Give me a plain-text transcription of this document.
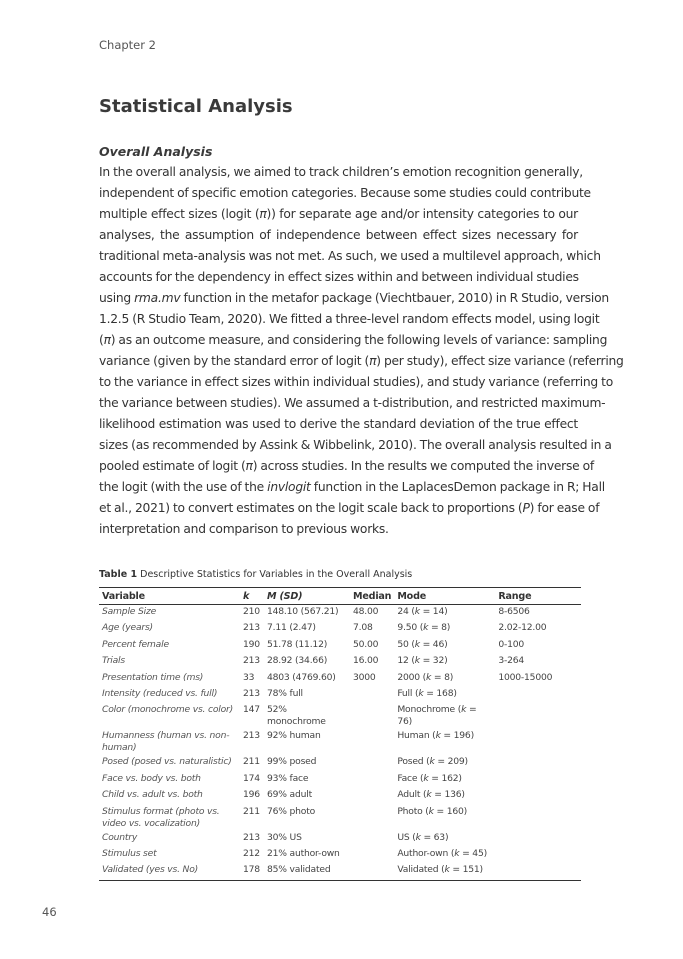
Chapter 2
Statistical Analysis
Overall Analysis
In the overall analysis, we aimed to track children’s emotion recognition generally,
independent of specific emotion categories. Because some studies could contribute
multiple effect sizes (logit (π)) for separate age and/or intensity categories to our
analyses, the assumption of independence between effect sizes necessary for
traditional meta-analysis was not met. As such, we used a multilevel approach, which
accounts for the dependency in effect sizes within and between individual studies
using rma.mv function in the metafor package (Viechtbauer, 2010) in R Studio, version
1.2.5 (R Studio Team, 2020). We fitted a three-level random effects model, using logit
(π) as an outcome measure, and considering the following levels of variance: sampling
variance (given by the standard error of logit (π) per study), effect size variance (referring
to the variance in effect sizes within individual studies), and study variance (referring to
the variance between studies). We assumed a t-distribution, and restricted maximum-
likelihood estimation was used to derive the standard deviation of the true effect
sizes (as recommended by Assink & Wibbelink, 2010). The overall analysis resulted in a
pooled estimate of logit (π) across studies. In the results we computed the inverse of
the logit (with the use of the invlogit function in the LaplacesDemon package in R; Hall
et al., 2021) to convert estimates on the logit scale back to proportions (P) for ease of
interpretation and comparison to previous works.
Table 1 Descriptive Statistics for Variables in the Overall Analysis
Variable	k	M (SD)	Median	Mode	Range
Sample Size	210	148.10 (567.21)	48.00	24 (k = 14)	8-6506
Age (years)	213	7.11 (2.47)	7.08	9.50 (k = 8)	2.02-12.00
Percent female	190	51.78 (11.12)	50.00	50 (k = 46)	0-100
Trials	213	28.92 (34.66)	16.00	12 (k = 32)	3-264
Presentation time (ms)	33	4803 (4769.60)	3000	2000 (k = 8)	1000-15000
Intensity (reduced vs. full)	213	78% full		Full (k = 168)	
Color (monochrome vs. color)	147	52% monochrome		Monochrome (k = 76)	
Humanness (human vs. non-human)	213	92% human		Human (k = 196)	
Posed (posed vs. naturalistic)	211	99% posed		Posed (k = 209)	
Face vs. body vs. both	174	93% face		Face (k = 162)	
Child vs. adult vs. both	196	69% adult		Adult (k = 136)	
Stimulus format (photo vs. video vs. vocalization)	211	76% photo		Photo (k = 160)	
Country	213	30% US		US (k = 63)	
Stimulus set	212	21% author-own		Author-own (k = 45)	
Validated (yes vs. No)	178	85% validated		Validated (k = 151)	
46
